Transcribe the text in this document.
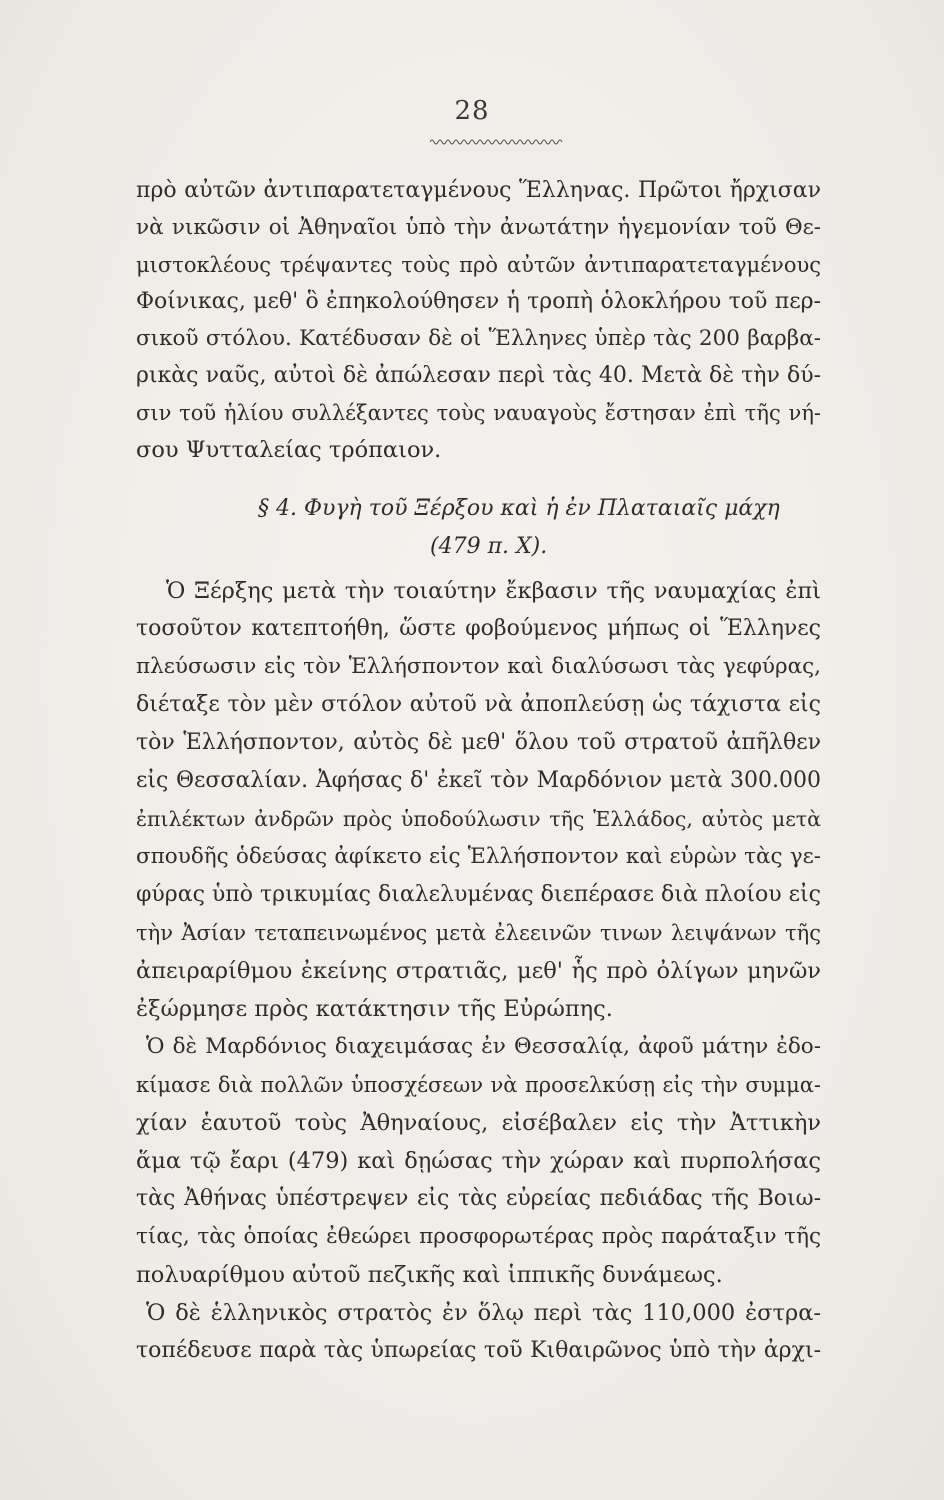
28
πρὸ αὐτῶν ἀντιπαρατεταγμένους Ἕλληνας. Πρῶτοι ἤρχισαν
νὰ νικῶσιν οἱ Ἀθηναῖοι ὑπὸ τὴν ἀνωτάτην ἡγεμονίαν τοῦ Θε-
μιστοκλέους τρέψαντες τοὺς πρὸ αὐτῶν ἀντιπαρατεταγμένους
Φοίνικας, μεθ' ὃ ἐπηκολούθησεν ἡ τροπὴ ὁλοκλήρου τοῦ περ-
σικοῦ στόλου. Κατέδυσαν δὲ οἱ Ἕλληνες ὑπὲρ τὰς 200 βαρβα-
ρικὰς ναῦς, αὐτοὶ δὲ ἀπώλεσαν περὶ τὰς 40. Μετὰ δὲ τὴν δύ-
σιν τοῦ ἡλίου συλλέξαντες τοὺς ναυαγοὺς ἔστησαν ἐπὶ τῆς νή-
σου Ψυτταλείας τρόπαιον.
§ 4. Φυγὴ τοῦ Ξέρξου καὶ ἡ ἐν Πλαταιαῖς μάχη
(479 π. Χ).
Ὁ Ξέρξης μετὰ τὴν τοιαύτην ἔκβασιν τῆς ναυμαχίας ἐπὶ
τοσοῦτον κατεπτοήθη, ὥστε φοβούμενος μήπως οἱ Ἕλληνες
πλεύσωσιν εἰς τὸν Ἑλλήσποντον καὶ διαλύσωσι τὰς γεφύρας,
διέταξε τὸν μὲν στόλον αὐτοῦ νὰ ἀποπλεύσῃ ὡς τάχιστα εἰς
τὸν Ἑλλήσποντον, αὐτὸς δὲ μεθ' ὅλου τοῦ στρατοῦ ἀπῆλθεν
εἰς Θεσσαλίαν. Ἀφήσας δ' ἐκεῖ τὸν Μαρδόνιον μετὰ 300.000
ἐπιλέκτων ἀνδρῶν πρὸς ὑποδούλωσιν τῆς Ἑλλάδος, αὐτὸς μετὰ
σπουδῆς ὁδεύσας ἀφίκετο εἰς Ἑλλήσποντον καὶ εὑρὼν τὰς γε-
φύρας ὑπὸ τρικυμίας διαλελυμένας διεπέρασε διὰ πλοίου εἰς
τὴν Ἀσίαν τεταπεινωμένος μετὰ ἐλεεινῶν τινων λειψάνων τῆς
ἀπειραρίθμου ἐκείνης στρατιᾶς, μεθ' ἧς πρὸ ὀλίγων μηνῶν
ἐξώρμησε πρὸς κατάκτησιν τῆς Εὐρώπης.
Ὁ δὲ Μαρδόνιος διαχειμάσας ἐν Θεσσαλίᾳ, ἀφοῦ μάτην ἐδο-
κίμασε διὰ πολλῶν ὑποσχέσεων νὰ προσελκύσῃ εἰς τὴν συμμα-
χίαν ἑαυτοῦ τοὺς Ἀθηναίους, εἰσέβαλεν εἰς τὴν Ἀττικὴν
ἅμα τῷ ἔαρι (479) καὶ δῃώσας τὴν χώραν καὶ πυρπολήσας
τὰς Ἀθήνας ὑπέστρεψεν εἰς τὰς εὐρείας πεδιάδας τῆς Βοιω-
τίας, τὰς ὁποίας ἐθεώρει προσφορωτέρας πρὸς παράταξιν τῆς
πολυαρίθμου αὐτοῦ πεζικῆς καὶ ἱππικῆς δυνάμεως.
Ὁ δὲ ἑλληνικὸς στρατὸς ἐν ὅλῳ περὶ τὰς 110,000 ἐστρα-
τοπέδευσε παρὰ τὰς ὑπωρείας τοῦ Κιθαιρῶνος ὑπὸ τὴν ἀρχι-
